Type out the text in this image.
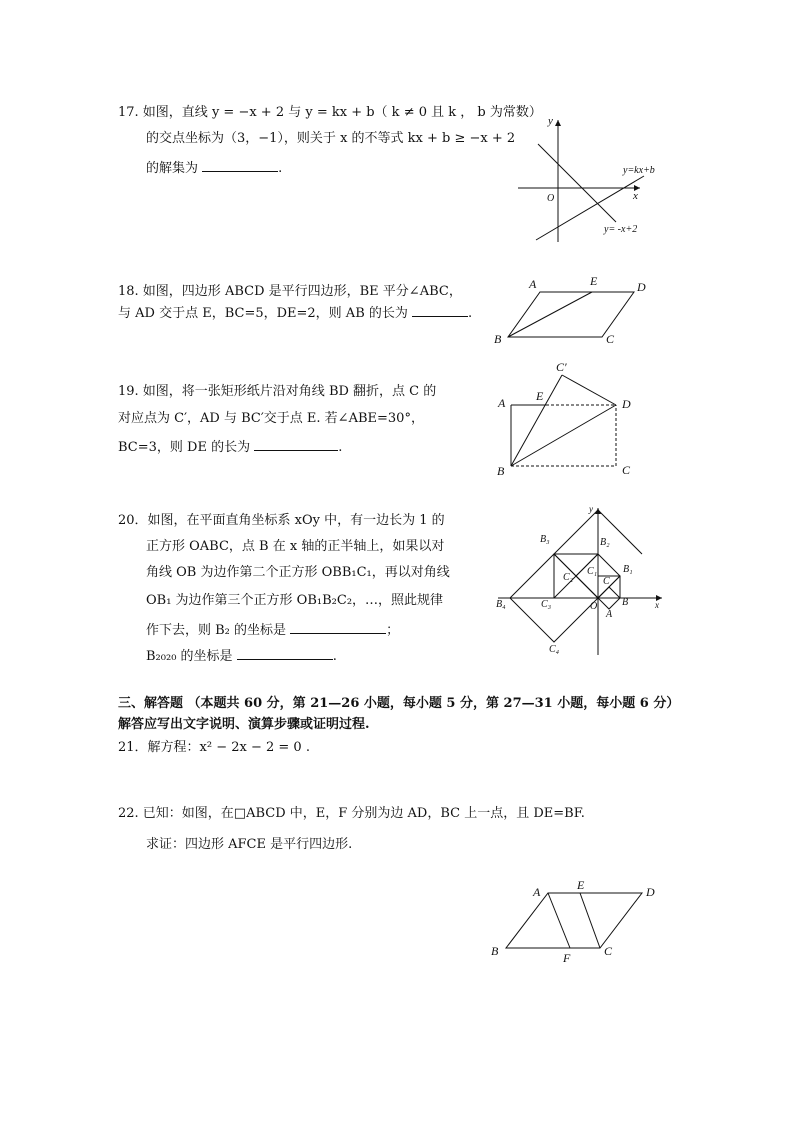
17. 如图，直线 y = −x + 2 与 y = kx + b（ k ≠ 0 且 k ， b 为常数）
的交点坐标为（3，−1），则关于 x 的不等式 kx + b ≥ −x + 2
的解集为	.
y
x
O
y=kx+b
y= -x+2
18. 如图，四边形 ABCD 是平行四边形，BE 平分∠ABC，
与 AD 交于点 E，BC=5，DE=2，则 AB 的长为	.
A	E	D
B	C
19. 如图，将一张矩形纸片沿对角线 BD 翻折，点 C 的
对应点为 C′，AD 与 BC′交于点 E. 若∠ABE=30°，
BC=3，则 DE 的长为	.
C′
A	E
D
B	C
20．如图，在平面直角坐标系 xOy 中，有一边长为 1 的
正方形 OABC，点 B 在 x 轴的正半轴上，如果以对
角线 OB 为边作第二个正方形 OBB₁C₁，再以对角线
OB₁ 为边作第三个正方形 OB₁B₂C₂，…，照此规律
作下去，则 B₂ 的坐标是	；
B₂₀₂₀ 的坐标是	.
y
x
B₃	B₂
C₂
C₁	B₁
C
B₄	C₃	O B
A
C₄
三、解答题 （本题共 60 分，第 21—26 小题，每小题 5 分，第 27—31 小题，每小题 6 分）
解答应写出文字说明、演算步骤或证明过程.
21．解方程：x² − 2x − 2 = 0 .
22. 已知：如图，在□ABCD 中，E，F 分别为边 AD，BC 上一点，且 DE=BF.
求证：四边形 AFCE 是平行四边形.
A	E	D
B	F	C
